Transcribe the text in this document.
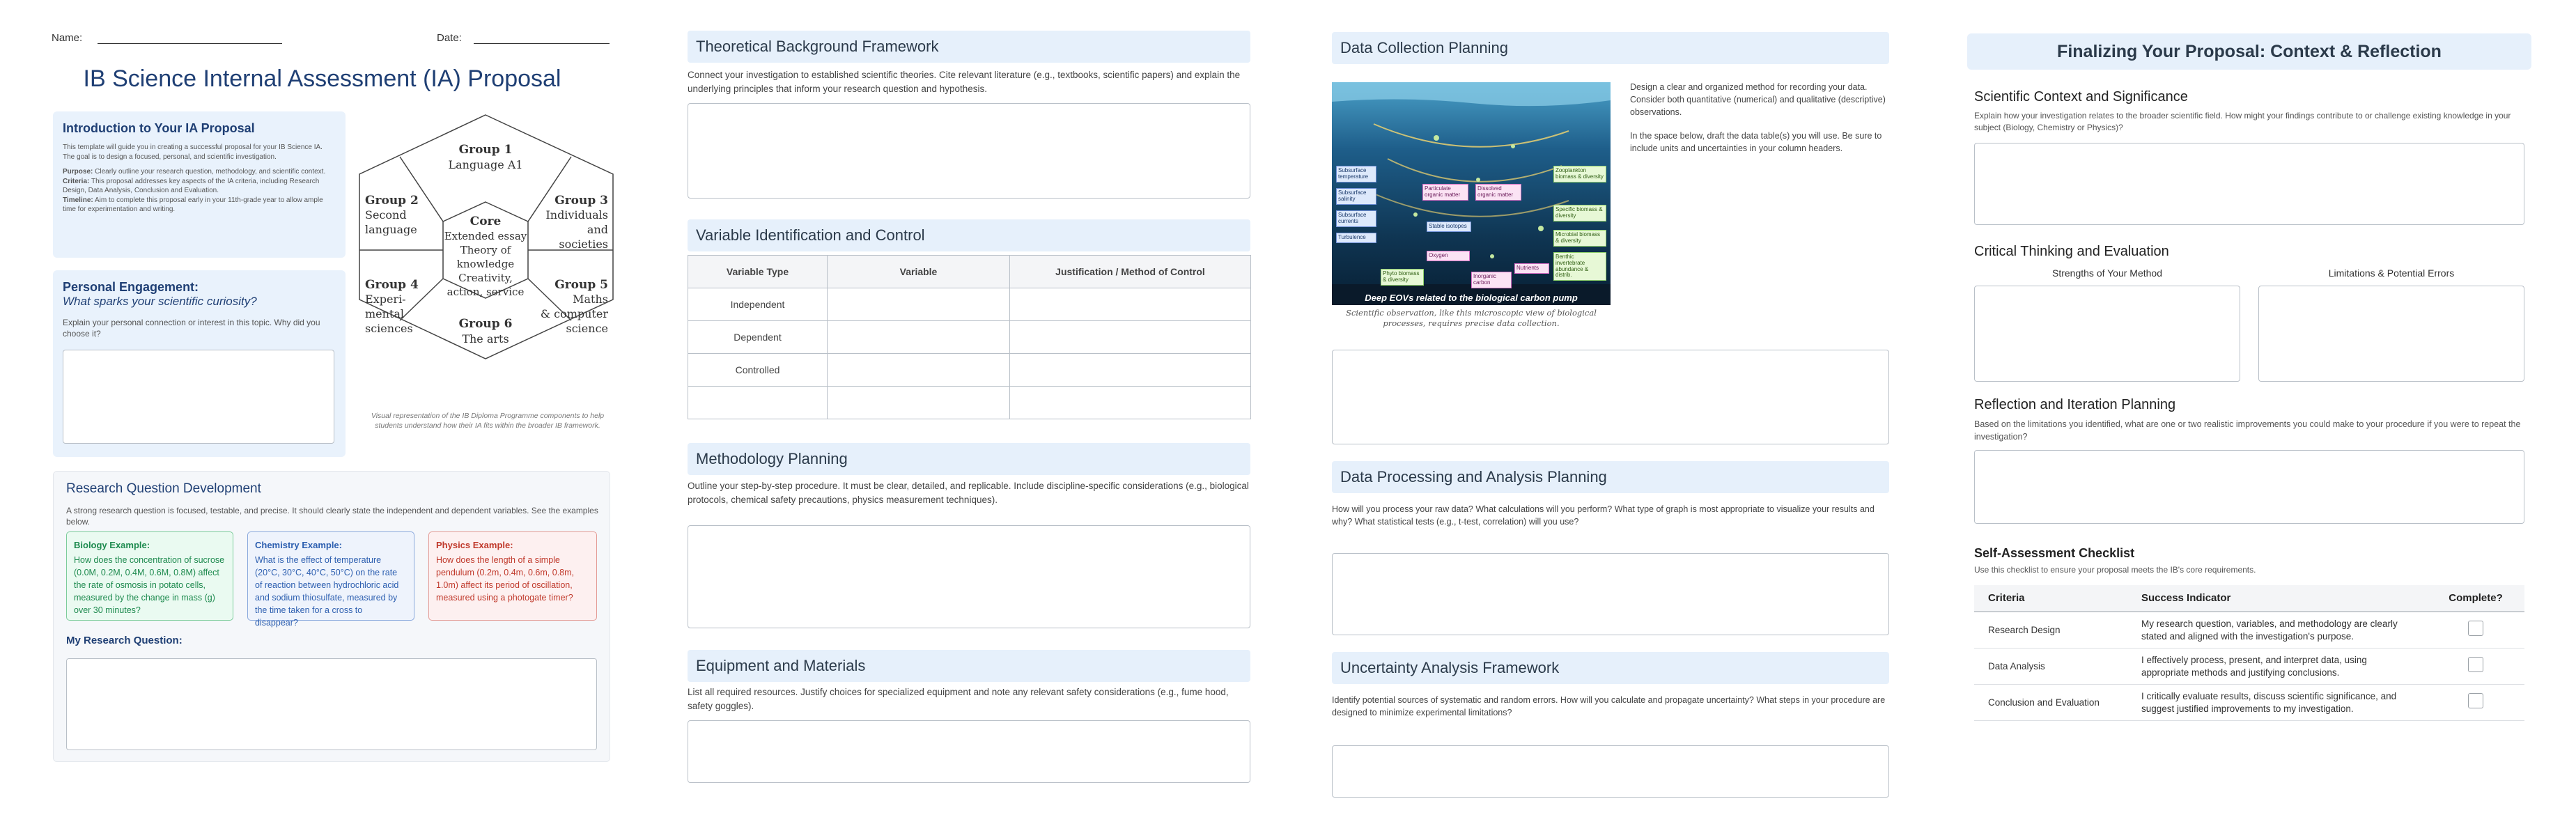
Name:	Date:
IB Science Internal Assessment (IA) Proposal
Introduction to Your IA Proposal
This template will guide you in creating a successful proposal for your IB Science IA. The goal is to design a focused, personal, and scientific investigation.
Purpose: Clearly outline your research question, methodology, and scientific context.
Criteria: This proposal addresses key aspects of the IA criteria, including Research Design, Data Analysis, Conclusion and Evaluation.
Timeline: Aim to complete this proposal early in your 11th-grade year to allow ample time for experimentation and writing.
Personal Engagement:
What sparks your scientific curiosity?
Explain your personal connection or interest in this topic. Why did you choose it?
Group 1
Language A1
Group 2
Second
language
Group 3
Individuals
and
societies
Group 4
Experi-
mental
sciences
Group 5
Maths
& computer
science
Group 6
The arts
Core
Extended essay
Theory of
knowledge
Creativity,
action, service
Visual representation of the IB Diploma Programme components to help students understand how their IA fits within the broader IB framework.
Research Question Development
A strong research question is focused, testable, and precise. It should clearly state the independent and dependent variables. See the examples below.
Biology Example:
How does the concentration of sucrose (0.0M, 0.2M, 0.4M, 0.6M, 0.8M) affect the rate of osmosis in potato cells, measured by the change in mass (g) over 30 minutes?
Chemistry Example:
What is the effect of temperature (20°C, 30°C, 40°C, 50°C) on the rate of reaction between hydrochloric acid and sodium thiosulfate, measured by the time taken for a cross to disappear?
Physics Example:
How does the length of a simple pendulum (0.2m, 0.4m, 0.6m, 0.8m, 1.0m) affect its period of oscillation, measured using a photogate timer?
My Research Question:
Theoretical Background Framework
Connect your investigation to established scientific theories. Cite relevant literature (e.g., textbooks, scientific papers) and explain the underlying principles that inform your research question and hypothesis.
Variable Identification and Control
Variable Type	Variable	Justification / Method of Control
Independent		
Dependent		
Controlled		

Methodology Planning
Outline your step-by-step procedure. It must be clear, detailed, and replicable. Include discipline-specific considerations (e.g., biological protocols, chemical safety precautions, physics measurement techniques).
Equipment and Materials
List all required resources. Justify choices for specialized equipment and note any relevant safety considerations (e.g., fume hood, safety goggles).
Data Collection Planning
Subsurface temperature
Subsurface salinity
Subsurface currents
Turbulence
Particulate organic matter
Dissolved organic matter
Zooplankton biomass & diversity
Specific biomass & diversity
Microbial biomass & diversity
Benthic invertebrate abundance & distrib.
Phyto biomass & diversity
Oxygen
Inorganic carbon
Nutrients
Stable isotopes
Deep EOVs related to the biological carbon pump
Scientific observation, like this microscopic view of biological processes, requires precise data collection.
Design a clear and organized method for recording your data. Consider both quantitative (numerical) and qualitative (descriptive) observations.
In the space below, draft the data table(s) you will use. Be sure to include units and uncertainties in your column headers.
Data Processing and Analysis Planning
How will you process your raw data? What calculations will you perform? What type of graph is most appropriate to visualize your results and why? What statistical tests (e.g., t-test, correlation) will you use?
Uncertainty Analysis Framework
Identify potential sources of systematic and random errors. How will you calculate and propagate uncertainty? What steps in your procedure are designed to minimize experimental limitations?
Finalizing Your Proposal: Context & Reflection
Scientific Context and Significance
Explain how your investigation relates to the broader scientific field. How might your findings contribute to or challenge existing knowledge in your subject (Biology, Chemistry or Physics)?
Critical Thinking and Evaluation
Strengths of Your Method	Limitations & Potential Errors
Reflection and Iteration Planning
Based on the limitations you identified, what are one or two realistic improvements you could make to your procedure if you were to repeat the investigation?
Self-Assessment Checklist
Use this checklist to ensure your proposal meets the IB's core requirements.
Criteria	Success Indicator	Complete?
Research Design	My research question, variables, and methodology are clearly stated and aligned with the investigation's purpose.	
Data Analysis	I effectively process, present, and interpret data, using appropriate methods and justifying conclusions.	
Conclusion and Evaluation	I critically evaluate results, discuss scientific significance, and suggest justified improvements to my investigation.	
